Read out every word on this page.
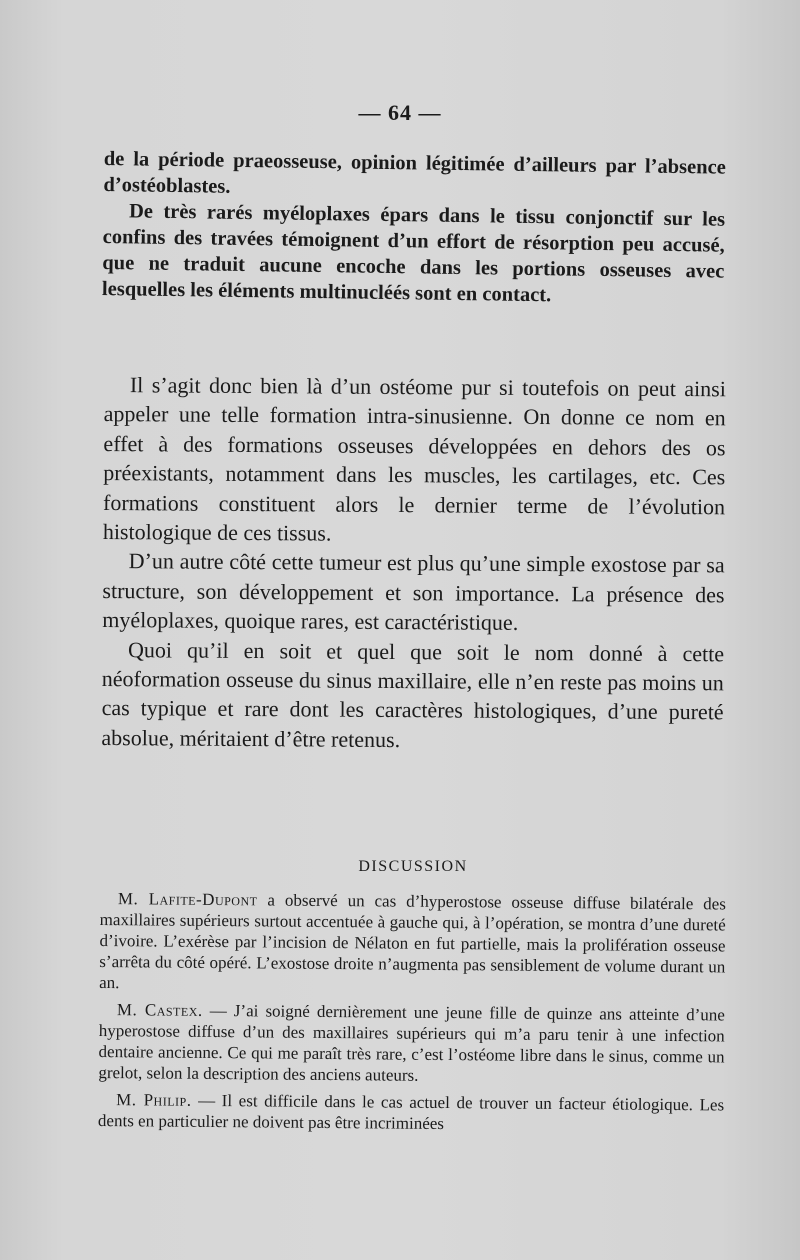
— 64 —

de la période praeosseuse, opinion légitimée d’ailleurs par l’absence d’ostéoblastes.

De très rarés myéloplaxes épars dans le tissu conjonctif sur les confins des travées témoignent d’un effort de résorption peu accusé, que ne traduit aucune encoche dans les portions osseuses avec lesquelles les éléments multinucléés sont en contact.

Il s’agit donc bien là d’un ostéome pur si toutefois on peut ainsi appeler une telle formation intra-sinusienne. On donne ce nom en effet à des formations osseuses développées en dehors des os préexistants, notamment dans les muscles, les cartilages, etc. Ces formations constituent alors le dernier terme de l’évolution histologique de ces tissus.

D’un autre côté cette tumeur est plus qu’une simple exostose par sa structure, son développement et son importance. La présence des myéloplaxes, quoique rares, est caractéristique.

Quoi qu’il en soit et quel que soit le nom donné à cette néoformation osseuse du sinus maxillaire, elle n’en reste pas moins un cas typique et rare dont les caractères histologiques, d’une pureté absolue, méritaient d’être retenus.

DISCUSSION

M. Lafite-Dupont a observé un cas d’hyperostose osseuse diffuse bilatérale des maxillaires supérieurs surtout accentuée à gauche qui, à l’opération, se montra d’une dureté d’ivoire. L’exérèse par l’incision de Nélaton en fut partielle, mais la prolifération osseuse s’arrêta du côté opéré. L’exostose droite n’augmenta pas sensiblement de volume durant un an.

M. Castex. — J’ai soigné dernièrement une jeune fille de quinze ans atteinte d’une hyperostose diffuse d’un des maxillaires supérieurs qui m’a paru tenir à une infection dentaire ancienne. Ce qui me paraît très rare, c’est l’ostéome libre dans le sinus, comme un grelot, selon la description des anciens auteurs.

M. Philip. — Il est difficile dans le cas actuel de trouver un facteur étiologique. Les dents en particulier ne doivent pas être incriminées
